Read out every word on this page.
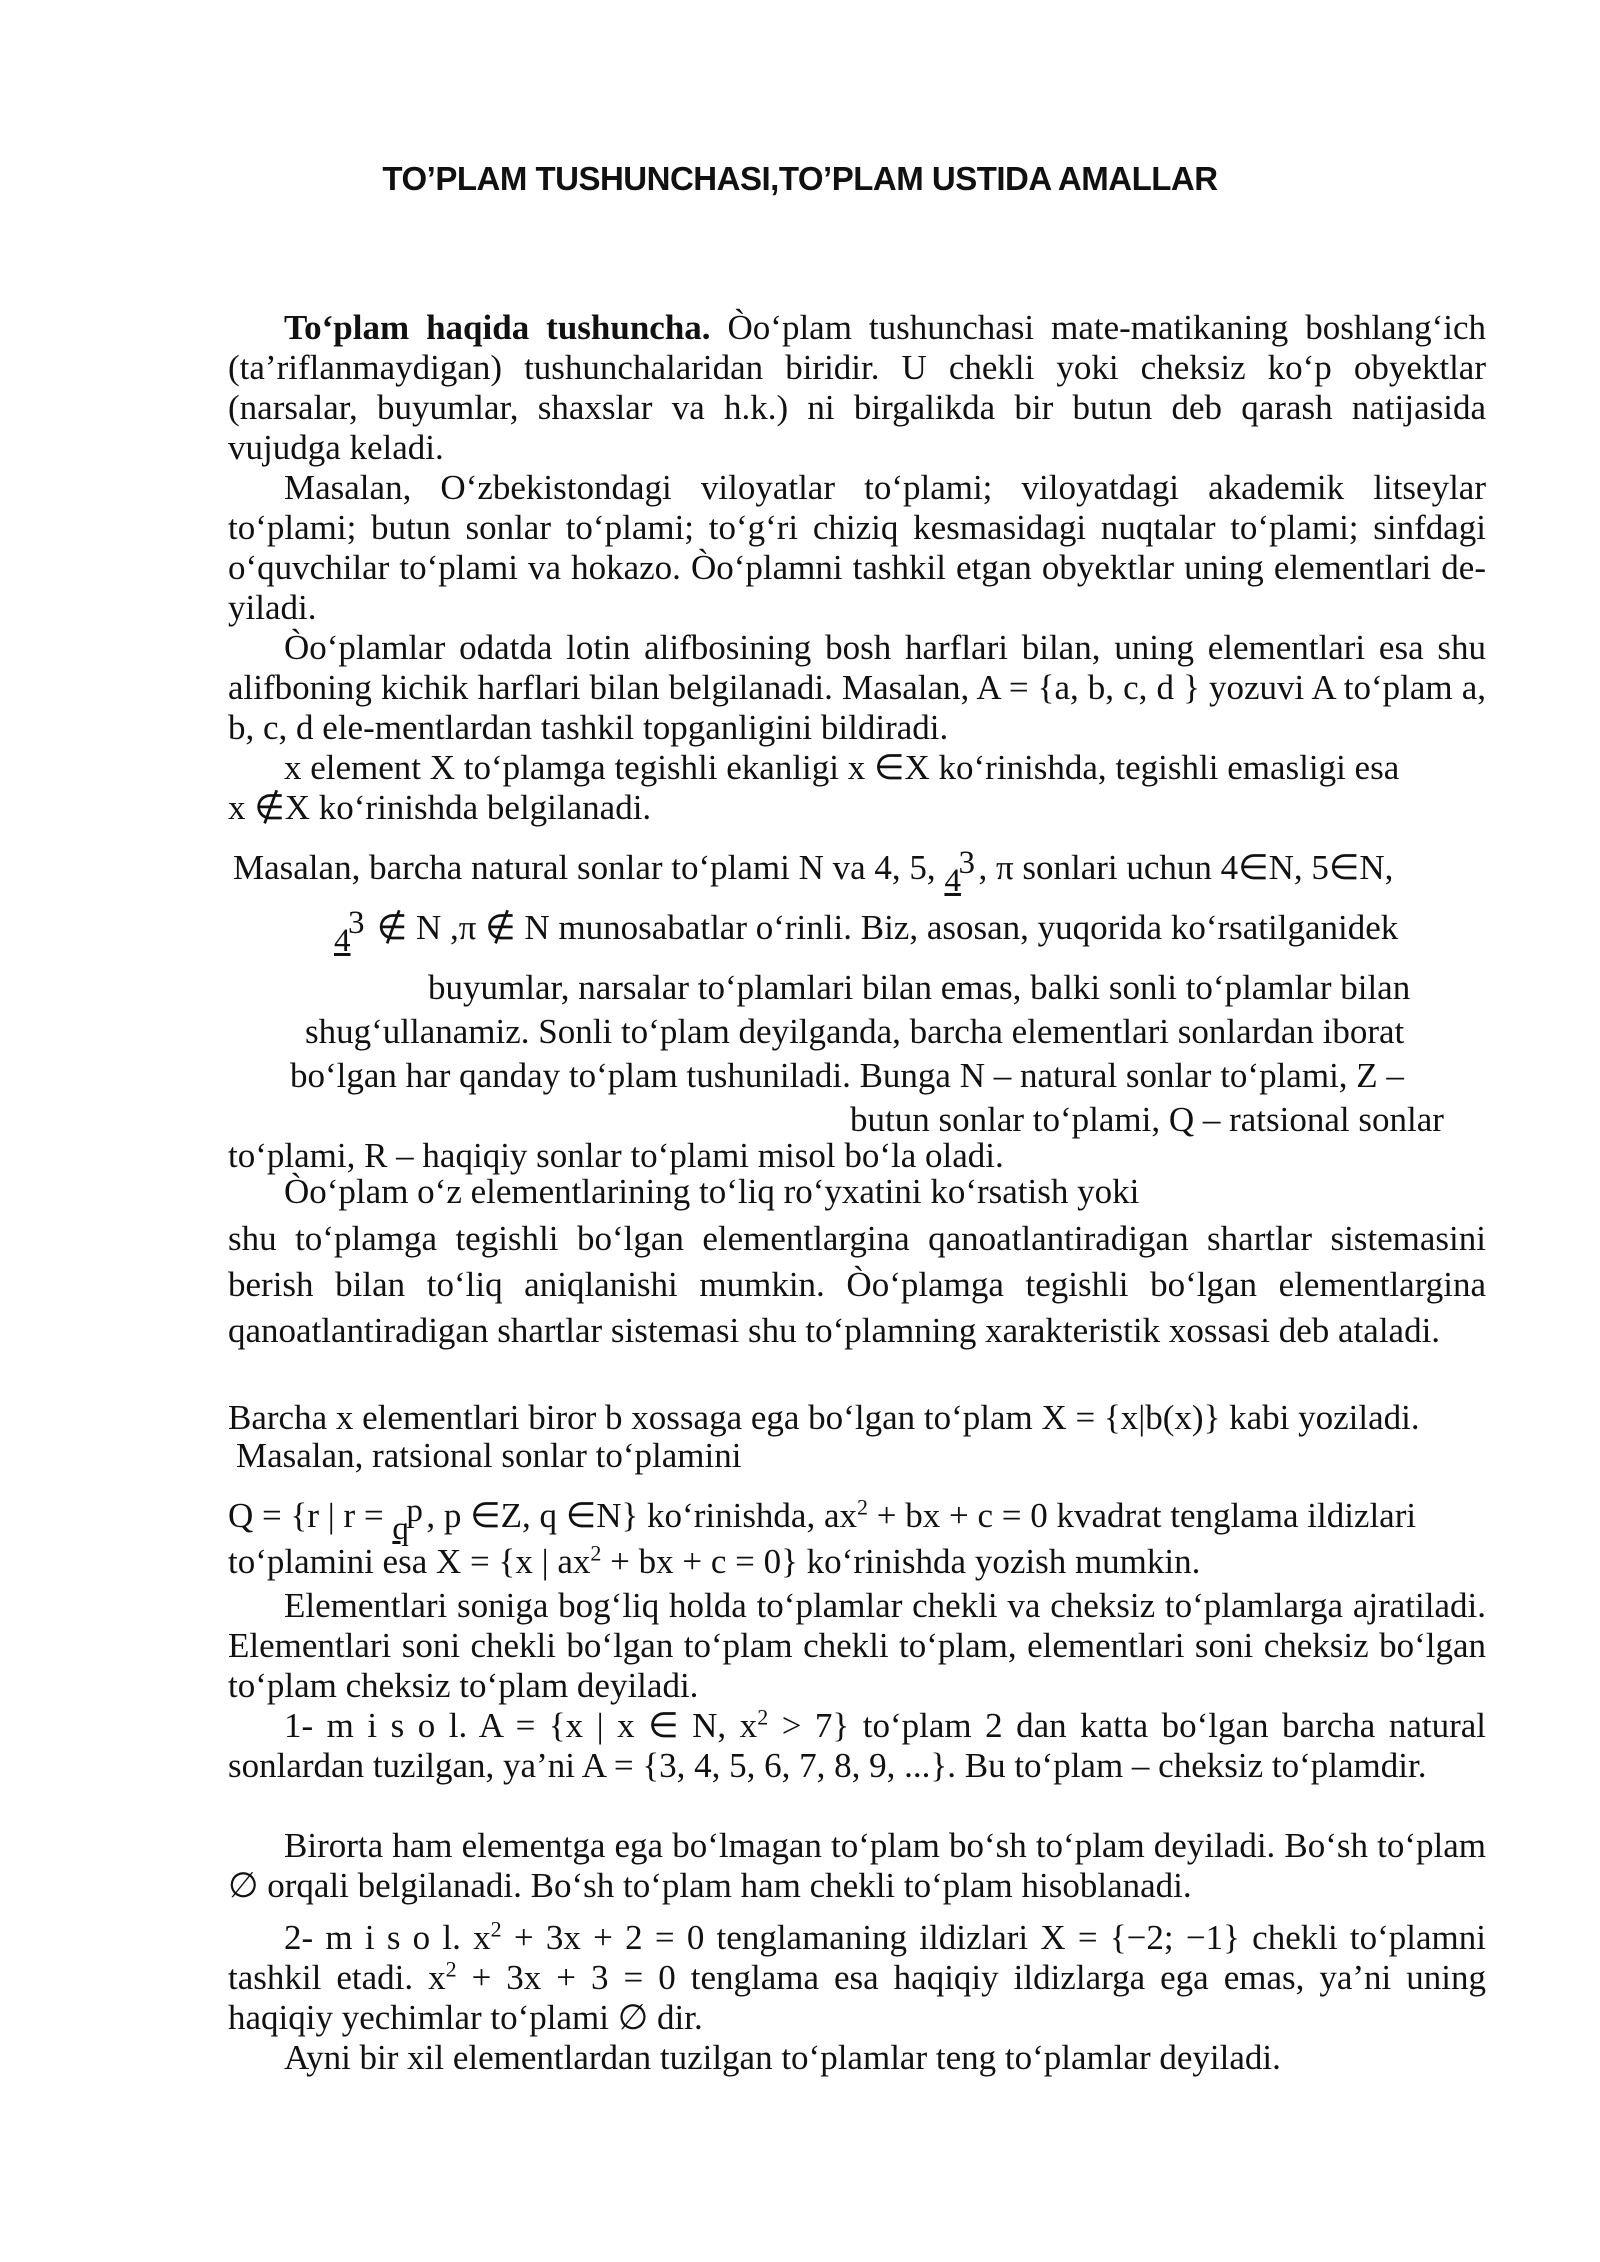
TO’PLAM TUSHUNCHASI,TO’PLAM USTIDA AMALLAR

To‘plam haqida tushuncha. Òo‘plam tushunchasi mate-matikaning boshlang‘ich (ta’riflanmaydigan) tushunchalaridan biridir. U chekli yoki cheksiz ko‘p obyektlar (narsalar, buyumlar, shaxslar va h.k.) ni birgalikda bir butun deb qarash natijasida vujudga keladi.

Masalan, O‘zbekistondagi viloyatlar to‘plami; viloyatdagi akademik litseylar to‘plami; butun sonlar to‘plami; to‘g‘ri chiziq kesmasidagi nuqtalar to‘plami; sinfdagi o‘quvchilar to‘plami va hokazo. Òo‘plamni tashkil etgan obyektlar uning elementlari de-yiladi.

Òo‘plamlar odatda lotin alifbosining bosh harflari bilan, uning elementlari esa shu alifboning kichik harflari bilan belgilanadi. Masalan, A = {a, b, c, d } yozuvi A to‘plam a, b, c, d ele-mentlardan tashkil topganligini bildiradi.

x element X to‘plamga tegishli ekanligi x ∈X ko‘rinishda, tegishli emasligi esa
x ∉X ko‘rinishda belgilanadi.
Masalan, barcha natural sonlar to‘plami N va 4, 5, 3
4 , π sonlari uchun 4∈N, 5∈N,
3
4 ∉ N ,π ∉ N munosabatlar o‘rinli. Biz, asosan, yuqorida ko‘rsatilganidek
buyumlar, narsalar to‘plamlari bilan emas, balki sonli to‘plamlar bilan
shug‘ullanamiz. Sonli to‘plam deyilganda, barcha elementlari sonlardan iborat
bo‘lgan har qanday to‘plam tushuniladi. Bunga N – natural sonlar to‘plami, Z –
butun sonlar to‘plami, Q – ratsional sonlar
to‘plami, R – haqiqiy sonlar to‘plami misol bo‘la oladi.
Òo‘plam o‘z elementlarining to‘liq ro‘yxatini ko‘rsatish yoki

shu to‘plamga tegishli bo‘lgan elementlargina qanoatlantiradigan shartlar sistemasini berish bilan to‘liq aniqlanishi mumkin. Òo‘plamga tegishli bo‘lgan elementlargina qanoatlantiradigan shartlar sistemasi shu to‘plamning xarakteristik xossasi deb ataladi.

Barcha x elementlari biror b xossaga ega bo‘lgan to‘plam X = {x|b(x)} kabi yoziladi.
Masalan, ratsional sonlar to‘plamini
Q = {r | r = p
q , p ∈Z, q ∈N} ko‘rinishda, $ax^2$ + bx + c = 0 kvadrat tenglama ildizlari
to‘plamini esa X = {x | $ax^2$ + bx + c = 0} ko‘rinishda yozish mumkin.

Elementlari soniga bog‘liq holda to‘plamlar chekli va cheksiz to‘plamlarga ajratiladi. Elementlari soni chekli bo‘lgan to‘plam chekli to‘plam, elementlari soni cheksiz bo‘lgan to‘plam cheksiz to‘plam deyiladi.

1- m i s o l. A = {x | x ∈ N, $x^2 > 7$} to‘plam 2 dan katta bo‘lgan barcha natural sonlardan tuzilgan, ya’ni A = {3, 4, 5, 6, 7, 8, 9, ...}. Bu to‘plam – cheksiz to‘plamdir.

Birorta ham elementga ega bo‘lmagan to‘plam bo‘sh to‘plam deyiladi. Bo‘sh to‘plam ∅ orqali belgilanadi. Bo‘sh to‘plam ham chekli to‘plam hisoblanadi.

2- m i s o l. $x^2 + 3x + 2 = 0$ tenglamaning ildizlari X = {−2; −1} chekli to‘plamni tashkil etadi. $x^2 + 3x + 3 = 0$ tenglama esa haqiqiy ildizlarga ega emas, ya’ni uning haqiqiy yechimlar to‘plami ∅ dir.

Ayni bir xil elementlardan tuzilgan to‘plamlar teng to‘plamlar deyiladi.
